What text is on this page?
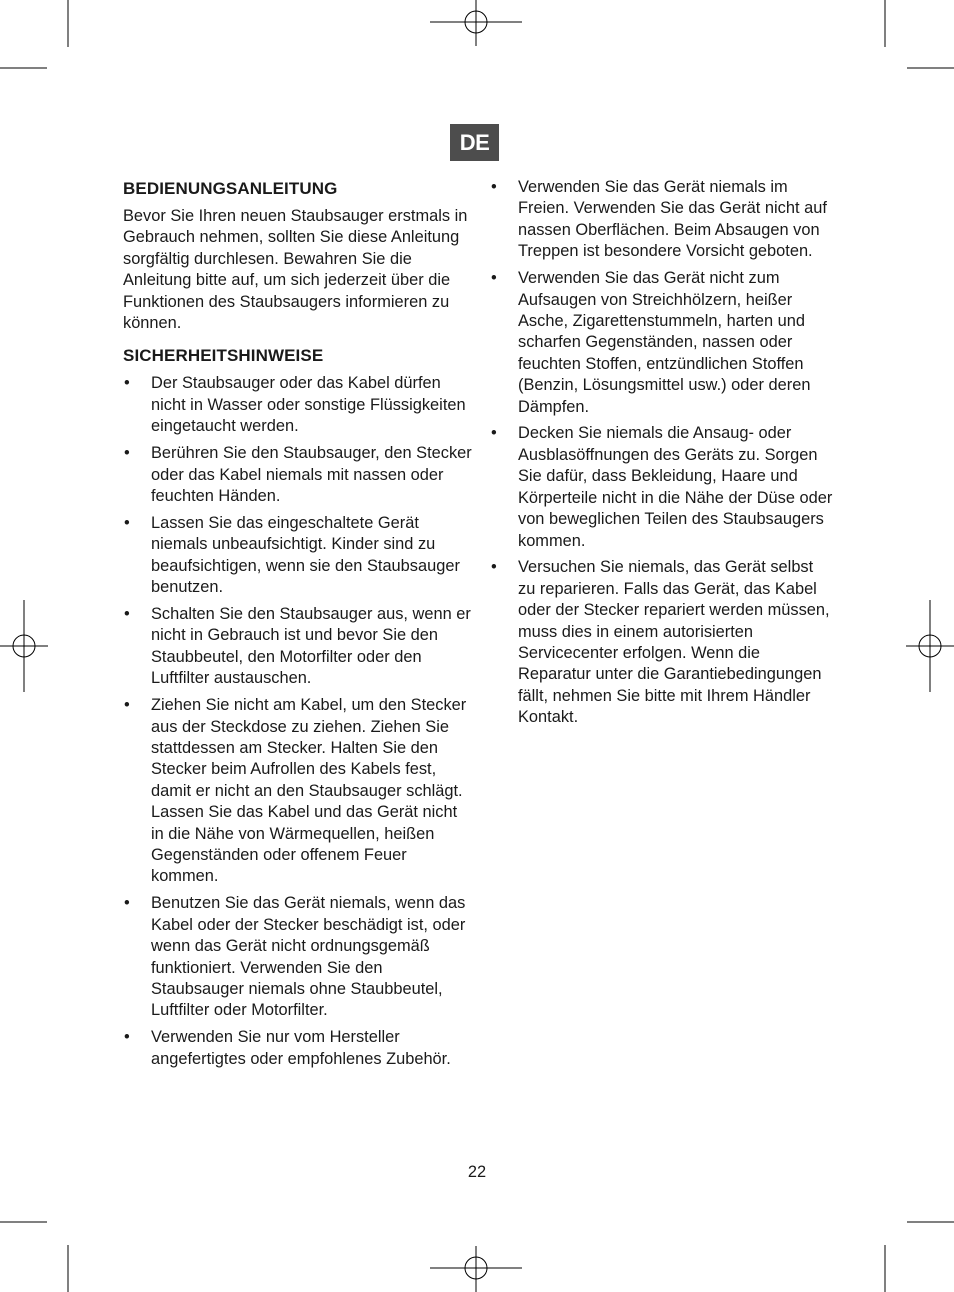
DE
BEDIENUNGSANLEITUNG

Bevor Sie Ihren neuen Staubsauger erstmals in Gebrauch nehmen, sollten Sie diese Anleitung sorgfältig durchlesen. Bewahren Sie die Anleitung bitte auf, um sich jederzeit über die Funktionen des Staubsaugers informieren zu können.

SICHERHEITSHINWEISE
• Der Staubsauger oder das Kabel dürfen nicht in Wasser oder sonstige Flüssigkeiten eingetaucht werden.
• Berühren Sie den Staubsauger, den Stecker oder das Kabel niemals mit nassen oder feuchten Händen.
• Lassen Sie das eingeschaltete Gerät niemals unbeaufsichtigt. Kinder sind zu beaufsichtigen, wenn sie den Staubsauger benutzen.
• Schalten Sie den Staubsauger aus, wenn er nicht in Gebrauch ist und bevor Sie den Staubbeutel, den Motorfilter oder den Luftfilter austauschen.
• Ziehen Sie nicht am Kabel, um den Stecker aus der Steckdose zu ziehen. Ziehen Sie stattdessen am Stecker. Halten Sie den Stecker beim Aufrollen des Kabels fest, damit er nicht an den Staubsauger schlägt. Lassen Sie das Kabel und das Gerät nicht in die Nähe von Wärmequellen, heißen Gegenständen oder offenem Feuer kommen.
• Benutzen Sie das Gerät niemals, wenn das Kabel oder der Stecker beschädigt ist, oder wenn das Gerät nicht ordnungsgemäß funktioniert. Verwenden Sie den Staubsauger niemals ohne Staubbeutel, Luftfilter oder Motorfilter.
• Verwenden Sie nur vom Hersteller angefertigtes oder empfohlenes Zubehör.
• Verwenden Sie das Gerät niemals im Freien. Verwenden Sie das Gerät nicht auf nassen Oberflächen. Beim Absaugen von Treppen ist besondere Vorsicht geboten.
• Verwenden Sie das Gerät nicht zum Aufsaugen von Streichhölzern, heißer Asche, Zigarettenstummeln, harten und scharfen Gegenständen, nassen oder feuchten Stoffen, entzündlichen Stoffen (Benzin, Lösungsmittel usw.) oder deren Dämpfen.
• Decken Sie niemals die Ansaug- oder Ausblasöffnungen des Geräts zu. Sorgen Sie dafür, dass Bekleidung, Haare und Körperteile nicht in die Nähe der Düse oder von beweglichen Teilen des Staubsaugers kommen.
• Versuchen Sie niemals, das Gerät selbst zu reparieren. Falls das Gerät, das Kabel oder der Stecker repariert werden müssen, muss dies in einem autorisierten Servicecenter erfolgen. Wenn die Reparatur unter die Garantiebedingungen fällt, nehmen Sie bitte mit Ihrem Händler Kontakt.
22
